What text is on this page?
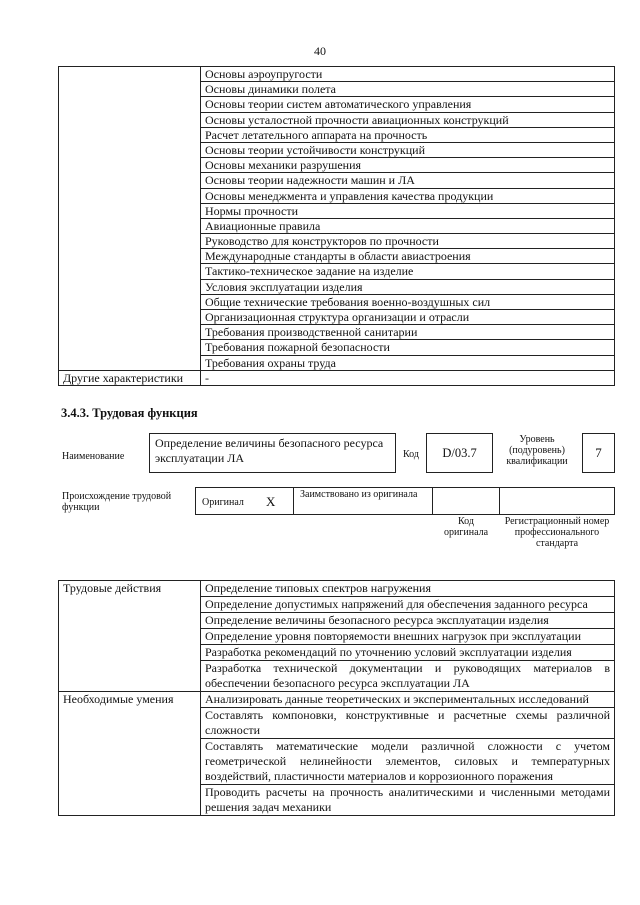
40
	Основы аэроупругости
	Основы динамики полета
	Основы теории систем автоматического управления
	Основы усталостной прочности авиационных конструкций
	Расчет летательного аппарата на прочность
	Основы теории устойчивости конструкций
	Основы механики разрушения
	Основы теории надежности машин и ЛА
	Основы менеджмента и управления качества продукции
	Нормы прочности
	Авиационные правила
	Руководство для конструкторов по прочности
	Международные стандарты в области авиастроения
	Тактико-техническое задание на изделие
	Условия эксплуатации изделия
	Общие технические требования военно-воздушных сил
	Организационная структура организации и отрасли
	Требования производственной санитарии
	Требования пожарной безопасности
	Требования охраны труда
Другие характеристики	-
3.4.3. Трудовая функция
Наименование
Определение величины безопасного ресурса эксплуатации ЛА	Код D/03.7
Уровень (подуровень) квалификации
7
Происхождение трудовой функции	Оригинал X Заимствовано из оригинала
Код оригинала
Регистрационный номер профессионального стандарта
Трудовые действия	Определение типовых спектров нагружения
	Определение допустимых напряжений для обеспечения заданного ресурса
	Определение величины безопасного ресурса эксплуатации изделия
	Определение уровня повторяемости внешних нагрузок при эксплуатации
	Разработка рекомендаций по уточнению условий эксплуатации изделия
	Разработка технической документации и руководящих материалов в обеспечении безопасного ресурса эксплуатации ЛА
Необходимые умения	Анализировать данные теоретических и экспериментальных исследований
	Составлять компоновки, конструктивные и расчетные схемы различной сложности
	Составлять математические модели различной сложности с учетом геометрической нелинейности элементов, силовых и температурных воздействий, пластичности материалов и коррозионного поражения
	Проводить расчеты на прочность аналитическими и численными методами решения задач механики
